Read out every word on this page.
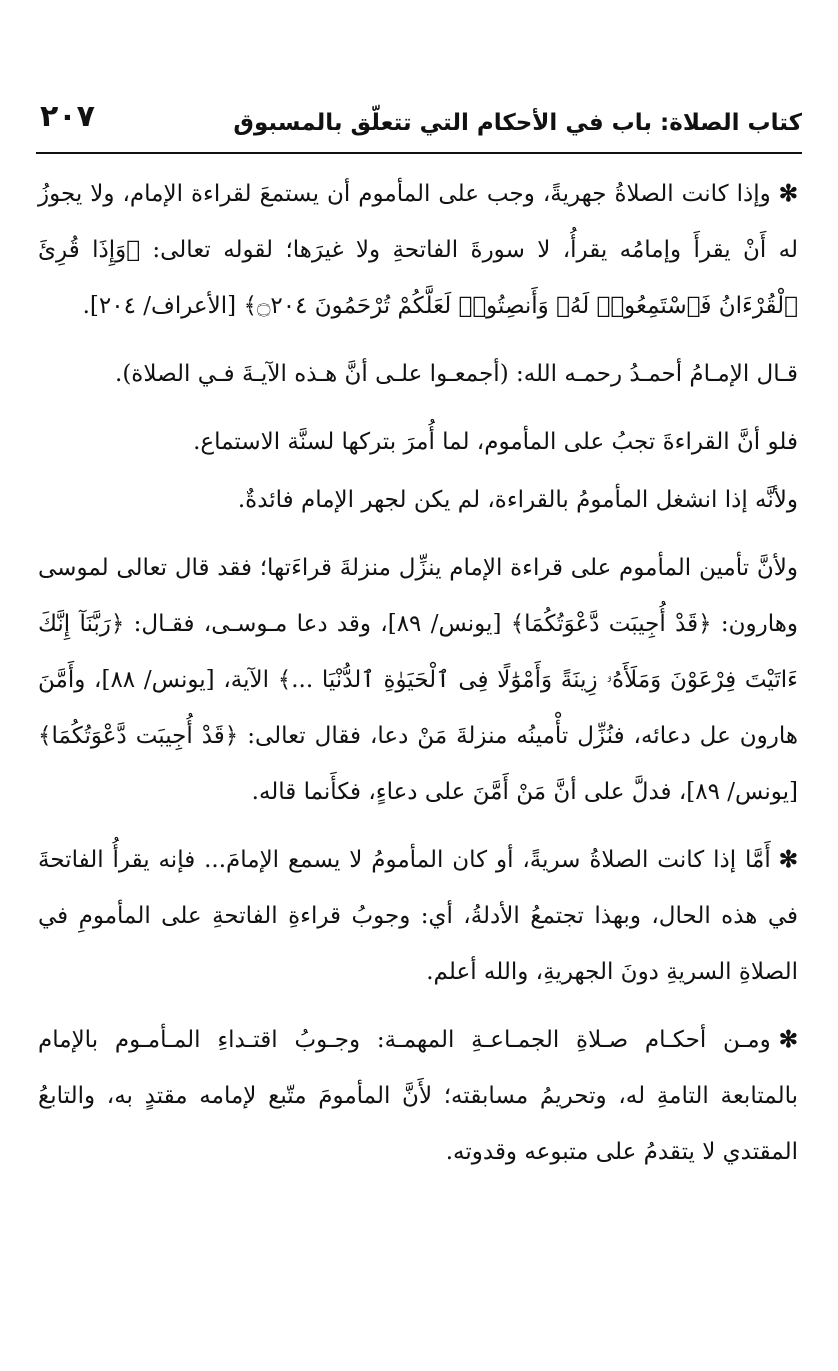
كتاب الصلاة: باب في الأحكام التي تتعلّق بالمسبوق
٢٠٧

✻وإذا كانت الصلاةُ جهريةً، وجب على المأموم أن يستمعَ لقراءة الإمام، ولا يجوزُ له أَنْ يقرأَ وإمامُه يقرأُ، لا سورةَ الفاتحةِ ولا غيرَها؛ لقوله تعالى: ﴿وَإِذَا قُرِئَ ٱلْقُرْءَانُ فَٱسْتَمِعُوا۟ لَهُۥ وَأَنصِتُوا۟ لَعَلَّكُمْ تُرْحَمُونَ ۝٢٠٤﴾ [الأعراف/ ٢٠٤].

قـال الإمـامُ أحمـدُ رحمـه الله: (أجمعـوا علـى أنَّ هـذه الآيـةَ فـي الصلاة).

فلو أنَّ القراءةَ تجبُ على المأموم، لما أُمرَ بتركها لسنَّة الاستماع.

ولأنَّه إذا انشغل المأمومُ بالقراءة، لم يكن لجهر الإمام فائدةٌ.

ولأنَّ تأمين المأموم على قراءة الإمام ينزِّل منزلةَ قراءَتها؛ فقد قال تعالى لموسى وهارون: ﴿قَدْ أُجِيبَت دَّعْوَتُكُمَا﴾ [يونس/ ٨٩]، وقد دعا مـوسـى، فقـال: ﴿رَبَّنَآ إِنَّكَ ءَاتَيْتَ فِرْعَوْنَ وَمَلَأَهُۥ زِينَةً وَأَمْوَٰلًا فِى ٱلْحَيَوٰةِ ٱلدُّنْيَا ...﴾ الآية، [يونس/ ٨٨]، وأَمَّنَ هارون عل دعائه، فنُزِّل تأْمينُه منزلةَ مَنْ دعا، فقال تعالى: ﴿قَدْ أُجِيبَت دَّعْوَتُكُمَا﴾ [يونس/ ٨٩]، فدلَّ على أنَّ مَنْ أَمَّنَ على دعاءٍ، فكأَنما قاله.

✻أَمَّا إذا كانت الصلاةُ سريةً، أو كان المأمومُ لا يسمع الإمامَ... فإنه يقرأُ الفاتحةَ في هذه الحال، وبهذا تجتمعُ الأدلةُ، أي: وجوبُ قراءةِ الفاتحةِ على المأمومِ في الصلاةِ السريةِ دونَ الجهريةِ، والله أعلم.

✻ومـن أحكـام صـلاةِ الجمـاعـةِ المهمـة: وجـوبُ اقتـداءِ المـأمـوم بالإمام بالمتابعة التامةِ له، وتحريمُ مسابقته؛ لأَنَّ المأمومَ متّبع لإمامه مقتدٍ به، والتابعُ المقتدي لا يتقدمُ على متبوعه وقدوته.
